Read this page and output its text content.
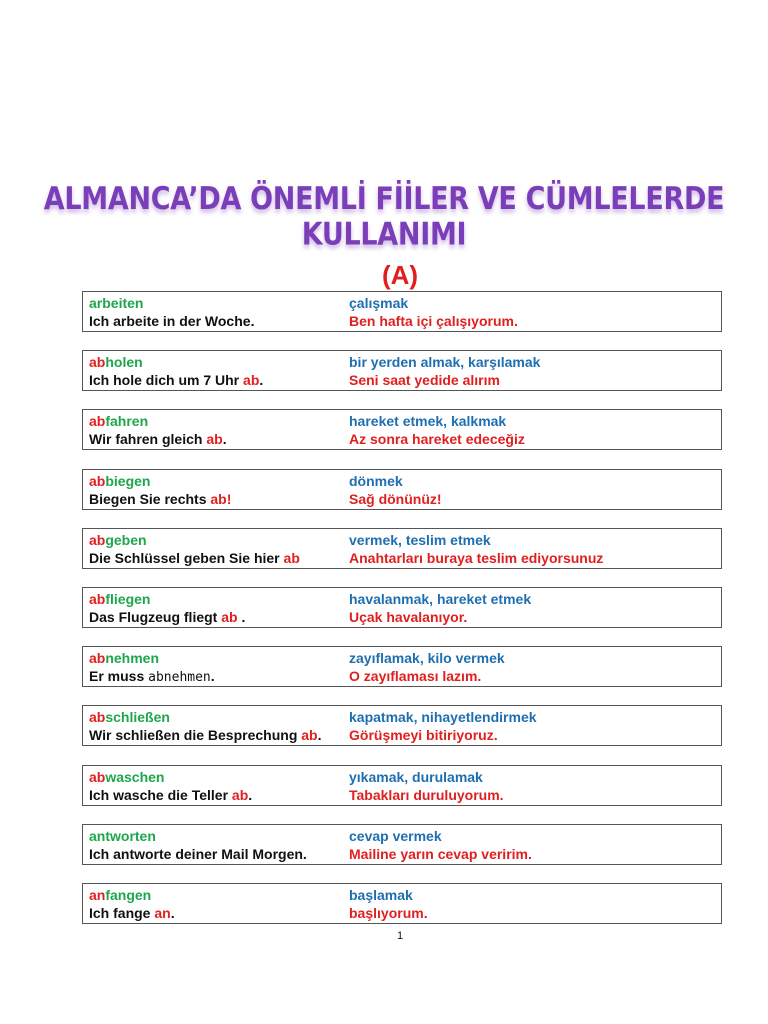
ALMANCA’DA ÖNEMLİ FİİLER VE CÜMLELERDE KULLANIMI
(A)
arbeiten
Ich arbeite in der Woche.
çalışmak
Ben hafta içi çalışıyorum.
abholen
Ich hole dich um 7 Uhr ab.
bir yerden almak, karşılamak
Seni saat yedide alırım
abfahren
Wir fahren gleich ab.
hareket etmek, kalkmak
Az sonra hareket edeceğiz
abbiegen
Biegen Sie rechts ab!
dönmek
Sağ dönünüz!
abgeben
Die Schlüssel geben Sie hier ab
vermek, teslim etmek
Anahtarları buraya teslim ediyorsunuz
abfliegen
Das Flugzeug fliegt ab .
havalanmak, hareket etmek
Uçak havalanıyor.
abnehmen
Er muss abnehmen.
zayıflamak, kilo vermek
O zayıflaması lazım.
abschließen
Wir schließen die Besprechung ab.
kapatmak, nihayetlendirmek
Görüşmeyi bitiriyoruz.
abwaschen
Ich wasche die Teller ab.
yıkamak, durulamak
Tabakları duruluyorum.
antworten
Ich antworte deiner Mail Morgen.
cevap vermek
Mailine yarın cevap veririm.
anfangen
Ich fange an.
başlamak
başlıyorum.
1
